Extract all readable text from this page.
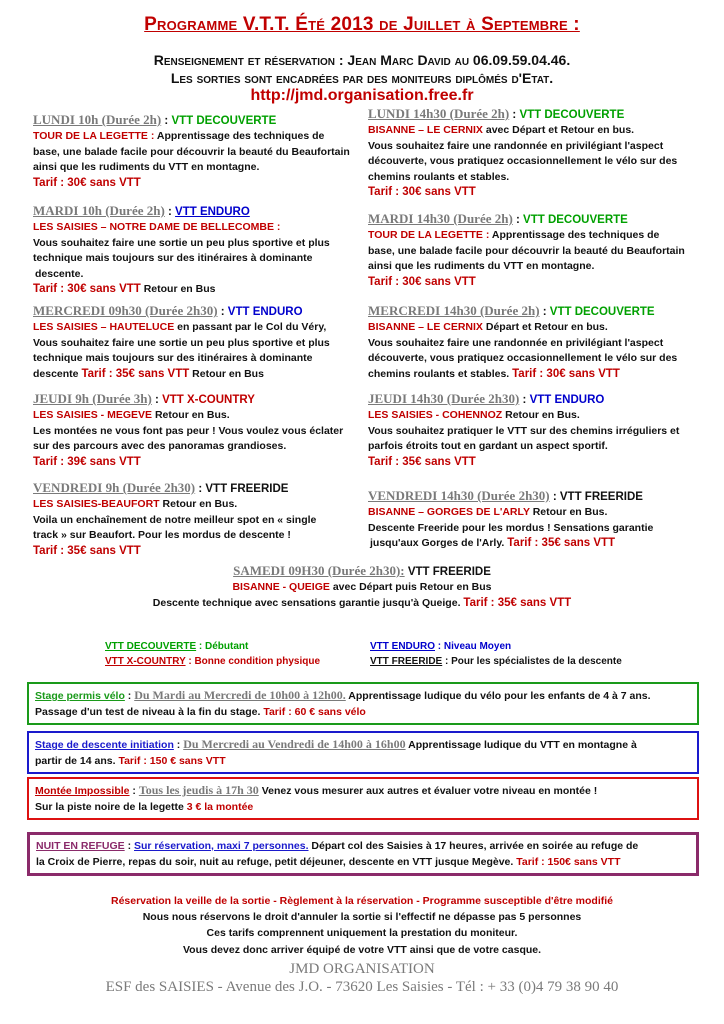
Programme V.T.T. Été 2013 de Juillet à Septembre :
Renseignement et réservation : Jean Marc David au 06.09.59.04.46.
Les sorties sont encadrées par des moniteurs diplômés d'Etat.
http://jmd.organisation.free.fr
LUNDI 10h (Durée 2h) : VTT DECOUVERTE
TOUR DE LA LEGETTE : Apprentissage des techniques de
base, une balade facile pour découvrir la beauté du Beaufortain
ainsi que les rudiments du VTT en montagne.
Tarif : 30€ sans VTT
MARDI 10h (Durée 2h) : VTT ENDURO
LES SAISIES – NOTRE DAME DE BELLECOMBE :
Vous souhaitez faire une sortie un peu plus sportive et plus
technique mais toujours sur des itinéraires à dominante
descente.
Tarif : 30€ sans VTT Retour en Bus
MERCREDI 09h30 (Durée 2h30) : VTT ENDURO
LES SAISIES – HAUTELUCE en passant par le Col du Véry,
Vous souhaitez faire une sortie un peu plus sportive et plus
technique mais toujours sur des itinéraires à dominante
descente Tarif : 35€ sans VTT Retour en Bus
JEUDI 9h (Durée 3h) : VTT X-COUNTRY
LES SAISIES - MEGEVE Retour en Bus.
Les montées ne vous font pas peur ! Vous voulez vous éclater
sur des parcours avec des panoramas grandioses.
Tarif : 39€ sans VTT
VENDREDI 9h (Durée 2h30) : VTT FREERIDE
LES SAISIES-BEAUFORT Retour en Bus.
Voila un enchaînement de notre meilleur spot en « single
track » sur Beaufort. Pour les mordus de descente !
Tarif : 35€ sans VTT
LUNDI 14h30 (Durée 2h) : VTT DECOUVERTE
BISANNE – LE CERNIX avec Départ et Retour en bus.
Vous souhaitez faire une randonnée en privilégiant l'aspect
découverte, vous pratiquez occasionnellement le vélo sur des
chemins roulants et stables.
Tarif : 30€ sans VTT
MARDI 14h30 (Durée 2h) : VTT DECOUVERTE
TOUR DE LA LEGETTE : Apprentissage des techniques de
base, une balade facile pour découvrir la beauté du Beaufortain
ainsi que les rudiments du VTT en montagne.
Tarif : 30€ sans VTT
MERCREDI 14h30 (Durée 2h) : VTT DECOUVERTE
BISANNE – LE CERNIX Départ et Retour en bus.
Vous souhaitez faire une randonnée en privilégiant l'aspect
découverte, vous pratiquez occasionnellement le vélo sur des
chemins roulants et stables. Tarif : 30€ sans VTT
JEUDI 14h30 (Durée 2h30) : VTT ENDURO
LES SAISIES - COHENNOZ Retour en Bus.
Vous souhaitez pratiquer le VTT sur des chemins irréguliers et
parfois étroits tout en gardant un aspect sportif.
Tarif : 35€ sans VTT
VENDREDI 14h30 (Durée 2h30) : VTT FREERIDE
BISANNE – GORGES DE L'ARLY Retour en Bus.
Descente Freeride pour les mordus ! Sensations garantie
jusqu'aux Gorges de l'Arly. Tarif : 35€ sans VTT
SAMEDI 09H30 (Durée 2h30): VTT FREERIDE
BISANNE - QUEIGE avec Départ puis Retour en Bus
Descente technique avec sensations garantie jusqu'à Queige. Tarif : 35€ sans VTT
VTT DECOUVERTE : Débutant
VTT X-COUNTRY : Bonne condition physique
VTT ENDURO : Niveau Moyen
VTT FREERIDE : Pour les spécialistes de la descente
Stage permis vélo : Du Mardi au Mercredi de 10h00 à 12h00. Apprentissage ludique du vélo pour les enfants de 4 à 7 ans.
Passage d'un test de niveau à la fin du stage. Tarif : 60 € sans vélo
Stage de descente initiation : Du Mercredi au Vendredi de 14h00 à 16h00 Apprentissage ludique du VTT en montagne à
partir de 14 ans. Tarif : 150 € sans VTT
Montée Impossible : Tous les jeudis à 17h 30 Venez vous mesurer aux autres et évaluer votre niveau en montée !
Sur la piste noire de la legette 3 € la montée
NUIT EN REFUGE : Sur réservation, maxi 7 personnes. Départ col des Saisies à 17 heures, arrivée en soirée au refuge de
la Croix de Pierre, repas du soir, nuit au refuge, petit déjeuner, descente en VTT jusque Megève. Tarif : 150€ sans VTT
Réservation la veille de la sortie - Règlement à la réservation - Programme susceptible d'être modifié
Nous nous réservons le droit d'annuler la sortie si l'effectif ne dépasse pas 5 personnes
Ces tarifs comprennent uniquement la prestation du moniteur.
Vous devez donc arriver équipé de votre VTT ainsi que de votre casque.
JMD ORGANISATION
ESF des SAISIES - Avenue des J.O. - 73620 Les Saisies - Tél : + 33 (0)4 79 38 90 40
